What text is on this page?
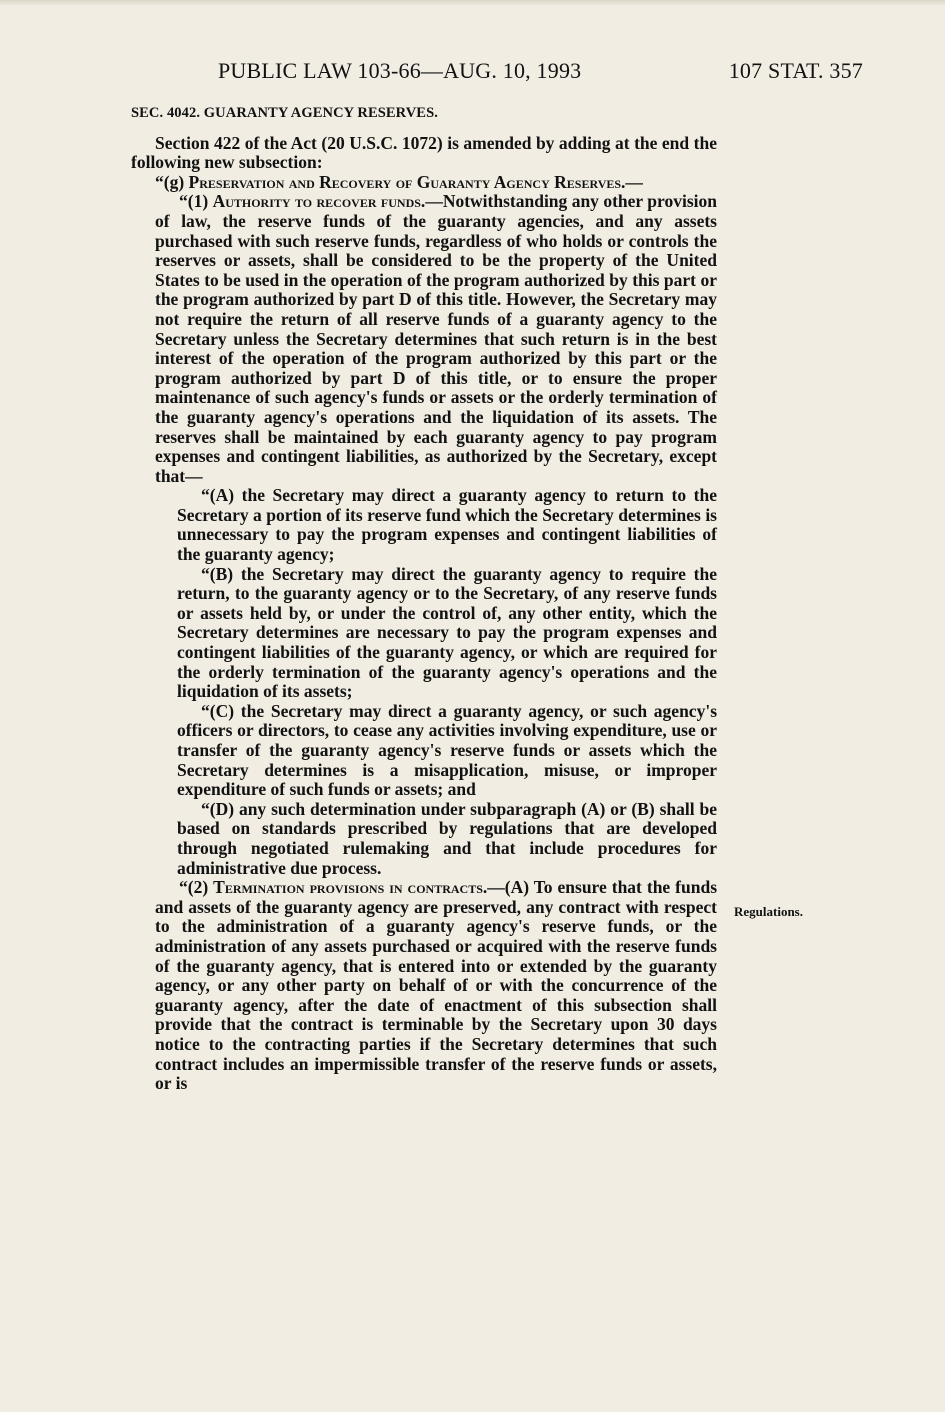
PUBLIC LAW 103-66—AUG. 10, 1993	107 STAT. 357

SEC. 4042. GUARANTY AGENCY RESERVES.

Section 422 of the Act (20 U.S.C. 1072) is amended by adding at the end the following new subsection:

“(g) Preservation and Recovery of Guaranty Agency Reserves.—

“(1) Authority to recover funds.—Notwithstanding any other provision of law, the reserve funds of the guaranty agencies, and any assets purchased with such reserve funds, regardless of who holds or controls the reserves or assets, shall be considered to be the property of the United States to be used in the operation of the program authorized by this part or the program authorized by part D of this title. However, the Secretary may not require the return of all reserve funds of a guaranty agency to the Secretary unless the Secretary determines that such return is in the best interest of the operation of the program authorized by this part or the program authorized by part D of this title, or to ensure the proper maintenance of such agency's funds or assets or the orderly termination of the guaranty agency's operations and the liquidation of its assets. The reserves shall be maintained by each guaranty agency to pay program expenses and contingent liabilities, as authorized by the Secretary, except that—

“(A) the Secretary may direct a guaranty agency to return to the Secretary a portion of its reserve fund which the Secretary determines is unnecessary to pay the program expenses and contingent liabilities of the guaranty agency;

“(B) the Secretary may direct the guaranty agency to require the return, to the guaranty agency or to the Secretary, of any reserve funds or assets held by, or under the control of, any other entity, which the Secretary determines are necessary to pay the program expenses and contingent liabilities of the guaranty agency, or which are required for the orderly termination of the guaranty agency's operations and the liquidation of its assets;

“(C) the Secretary may direct a guaranty agency, or such agency's officers or directors, to cease any activities involving expenditure, use or transfer of the guaranty agency's reserve funds or assets which the Secretary determines is a misapplication, misuse, or improper expenditure of such funds or assets; and

“(D) any such determination under subparagraph (A) or (B) shall be based on standards prescribed by regulations that are developed through negotiated rulemaking and that include procedures for administrative due process.

“(2) Termination provisions in contracts.—(A) To ensure that the funds and assets of the guaranty agency are preserved, any contract with respect to the administration of a guaranty agency's reserve funds, or the administration of any assets purchased or acquired with the reserve funds of the guaranty agency, that is entered into or extended by the guaranty agency, or any other party on behalf of or with the concurrence of the guaranty agency, after the date of enactment of this subsection shall provide that the contract is terminable by the Secretary upon 30 days notice to the contracting parties if the Secretary determines that such contract includes an impermissible transfer of the reserve funds or assets, or is

Regulations.
